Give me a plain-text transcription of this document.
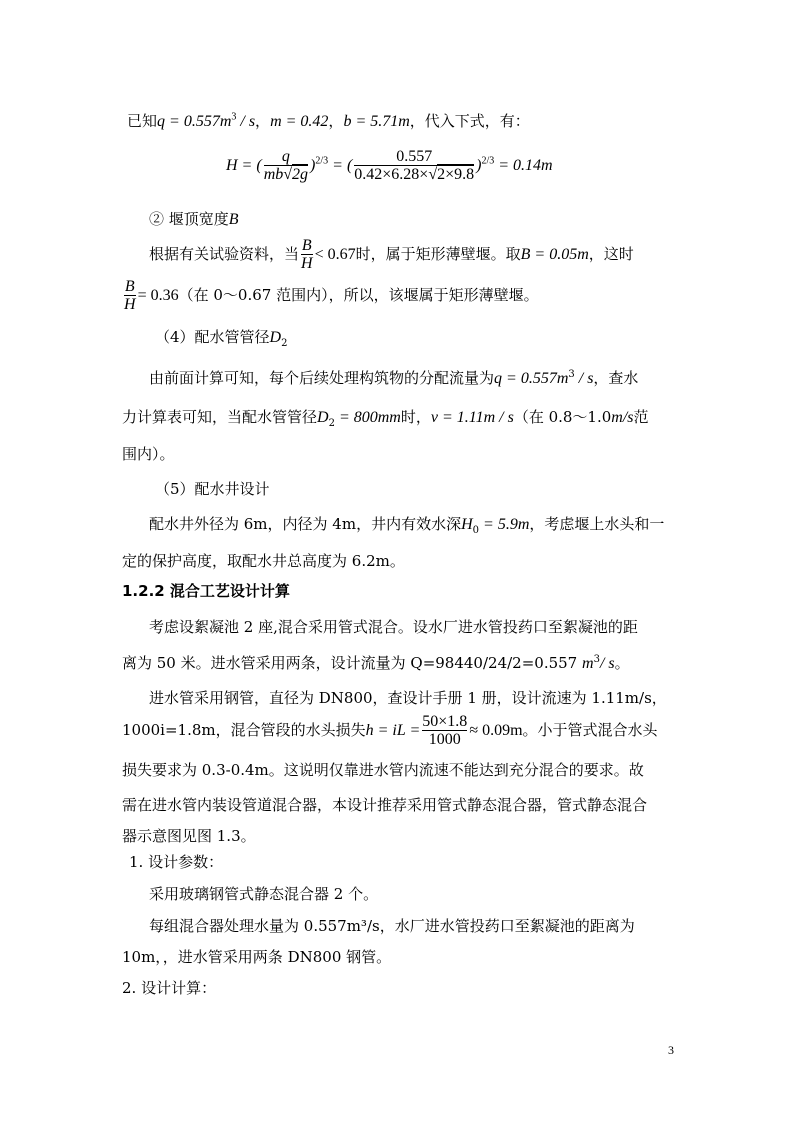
已知$q = 0.557m^3 / s$，m = 0.42，b = 5.71m，代入下式，有：
H = ( $\frac{q}{mb√2g} )^{2/3}$ = ( $\frac{0.557}{0.42\times 6.28\times√2\times 9.8} )^{2/3} = 0.14m$
② 堰顶宽度B
根据有关试验资料，当 $\frac{B}{H} < 0.67$时，属于矩形薄壁堰。取B = 0.05m，这时
$\frac{B}{H} = 0.36$（在 0～0.67 范围内），所以，该堰属于矩形薄壁堰。
（4）配水管管径$D_2$
由前面计算可知，每个后续处理构筑物的分配流量为$q = 0.557m^3 / s$，查水
力计算表可知，当配水管管径$D_2 = 800mm$时，v = 1.11m / s（在 0.8～1.0m/s范
围内）。
（5）配水井设计
配水井外径为 6m，内径为 4m，井内有效水深$H_0 = 5.9m$，考虑堰上水头和一
定的保护高度，取配水井总高度为 6.2m。
1.2.2 混合工艺设计计算
考虑设絮凝池 2 座,混合采用管式混合。设水厂进水管投药口至絮凝池的距
离为 50 米。进水管采用两条，设计流量为 Q=98440/24/2=0.557 $m^3/$ s。
进水管采用钢管，直径为 DN800，查设计手册 1 册，设计流速为 1.11m/s，
1000i=1.8m，混合管段的水头损失h = iL = $\frac{50\times 1.8}{1000} \approx 0.09m$。小于管式混合水头
损失要求为 0.3-0.4m。这说明仅靠进水管内流速不能达到充分混合的要求。故
需在进水管内装设管道混合器，本设计推荐采用管式静态混合器，管式静态混合
器示意图见图 1.3。
1. 设计参数：
采用玻璃钢管式静态混合器 2 个。
每组混合器处理水量为 0.557m³/s，水厂进水管投药口至絮凝池的距离为
10m，，进水管采用两条 DN800 钢管。
2. 设计计算：
3
